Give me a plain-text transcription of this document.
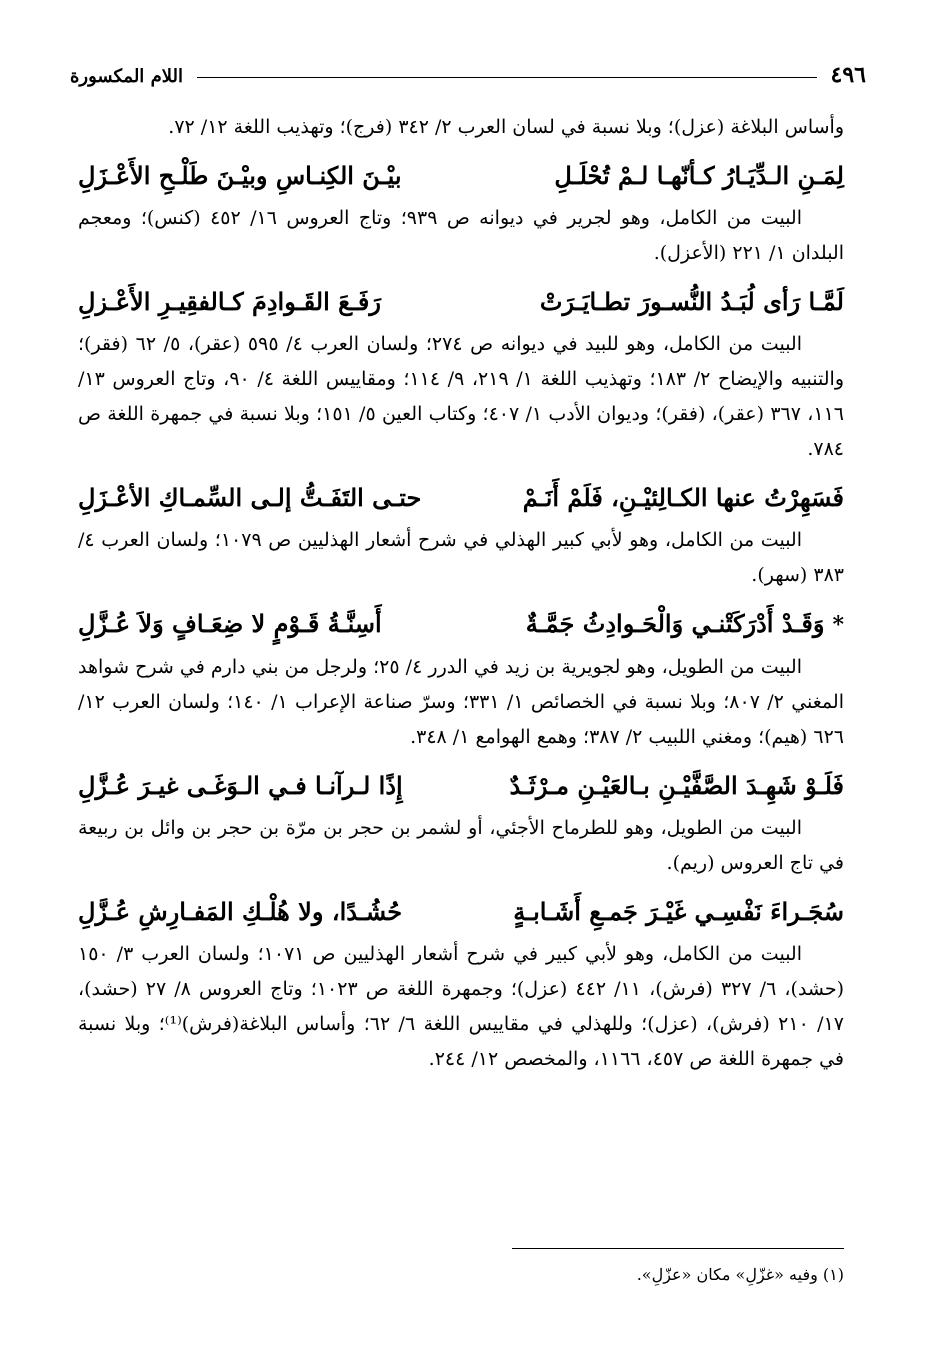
٤٩٦
اللام المكسورة

وأساس البلاغة (عزل)؛ وبلا نسبة في لسان العرب ٢/ ٣٤٢ (فرج)؛ وتهذيب اللغة ١٢/ ٧٢.

لِمَـنِ الـدِّيَـارُ كـأنّهـا لـمْ تُحْلَـلِ
بيْـنَ الكِنـاسِ وبيْـنَ طَلْـحِ الأَعْـزَلِ

البيت من الكامل، وهو لجرير في ديوانه ص ٩٣٩؛ وتاج العروس ١٦/ ٤٥٢ (كنس)؛ ومعجم البلدان ١/ ٢٢١ (الأعزل).

لَمَّـا رَأى لُبَـدُ النُّسـورَ تطـايَـرَتْ
رَفَـعَ القَـوادِمَ كـالفقِيـرِ الأَعْـزلِ

البيت من الكامل، وهو للبيد في ديوانه ص ٢٧٤؛ ولسان العرب ٤/ ٥٩٥ (عقر)، ٥/ ٦٢ (فقر)؛ والتنبيه والإيضاح ٢/ ١٨٣؛ وتهذيب اللغة ١/ ٢١٩، ٩/ ١١٤؛ ومقاييس اللغة ٤/ ٩٠، وتاج العروس ١٣/ ١١٦، ٣٦٧ (عقر)، (فقر)؛ وديوان الأدب ١/ ٤٠٧؛ وكتاب العين ٥/ ١٥١؛ وبلا نسبة في جمهرة اللغة ص ٧٨٤.

فَسَهِرْتُ عنها الكـالِئيْـنِ، فَلَمْ أَنَـمْ
حتـى التَفَـتُّ إلـى السِّمـاكِ الأعْـزَلِ

البيت من الكامل، وهو لأبي كبير الهذلي في شرح أشعار الهذليين ص ١٠٧٩؛ ولسان العرب ٤/ ٣٨٣ (سهر).

*وَقَـدْ أَدْرَكَتْنـي وَالْحَـوادِثُ جَمَّـةٌ
أَسِنَّـةُ قَـوْمٍ لا ضِعَـافٍ وَلاَ عُـزَّلِ

البيت من الطويل، وهو لجويرية بن زيد في الدرر ٤/ ٢٥؛ ولرجل من بني دارم في شرح شواهد المغني ٢/ ٨٠٧؛ وبلا نسبة في الخصائص ١/ ٣٣١؛ وسرّ صناعة الإعراب ١/ ١٤٠؛ ولسان العرب ١٢/ ٦٢٦ (هيم)؛ ومغني اللبيب ٢/ ٣٨٧؛ وهمع الهوامع ١/ ٣٤٨.

فَلَـوْ شَهِـدَ الصَّفَّيْـنِ بـالعَيْـنِ مـرْثَـدٌ
إِذًا لـرآنـا فـي الـوَغَـى غيـرَ عُـزَّلِ

البيت من الطويل، وهو للطرماح الأجئي، أو لشمر بن حجر بن مرّة بن حجر بن وائل بن ربيعة في تاج العروس (ريم).

سُجَـراءَ نَفْسِـي غَيْـرَ جَمـعِ أَشَـابـةٍ
حُشُـدًا، ولا هُلْـكِ المَفـارِشِ عُـزَّلِ

البيت من الكامل، وهو لأبي كبير في شرح أشعار الهذليين ص ١٠٧١؛ ولسان العرب ٣/ ١٥٠ (حشد)، ٦/ ٣٢٧ (فرش)، ١١/ ٤٤٢ (عزل)؛ وجمهرة اللغة ص ١٠٢٣؛ وتاج العروس ٨/ ٢٧ (حشد)، ١٧/ ٢١٠ (فرش)، (عزل)؛ وللهذلي في مقاييس اللغة ٦/ ٦٢؛ وأساس البلاغة(فرش)⁽¹⁾؛ وبلا نسبة في جمهرة اللغة ص ٤٥٧، ١١٦٦، والمخصص ١٢/ ٢٤٤.

(١) وفيه «غزّلِ» مكان «عزّلِ».
